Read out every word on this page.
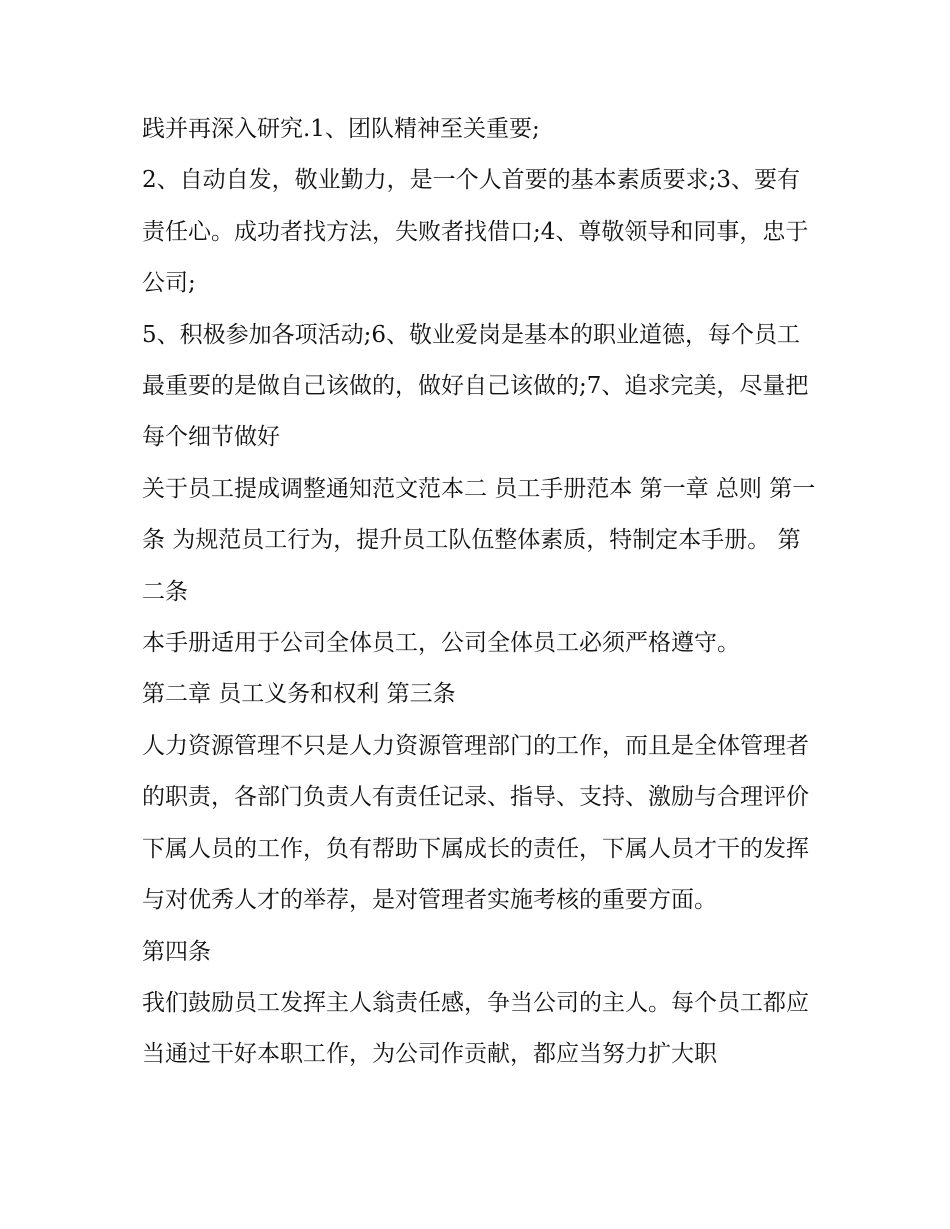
践并再深入研究.1、团队精神至关重要;

2、自动自发，敬业勤力，是一个人首要的基本素质要求;3、要有责任心。成功者找方法，失败者找借口;4、尊敬领导和同事，忠于公司;

5、积极参加各项活动;6、敬业爱岗是基本的职业道德，每个员工最重要的是做自己该做的，做好自己该做的;7、追求完美，尽量把每个细节做好

关于员工提成调整通知范文范本二 员工手册范本 第一章 总则 第一条 为规范员工行为，提升员工队伍整体素质，特制定本手册。 第二条

本手册适用于公司全体员工，公司全体员工必须严格遵守。

第二章 员工义务和权利 第三条

人力资源管理不只是人力资源管理部门的工作，而且是全体管理者的职责，各部门负责人有责任记录、指导、支持、激励与合理评价下属人员的工作，负有帮助下属成长的责任，下属人员才干的发挥与对优秀人才的举荐，是对管理者实施考核的重要方面。

第四条

我们鼓励员工发挥主人翁责任感，争当公司的主人。每个员工都应当通过干好本职工作，为公司作贡献，都应当努力扩大职
